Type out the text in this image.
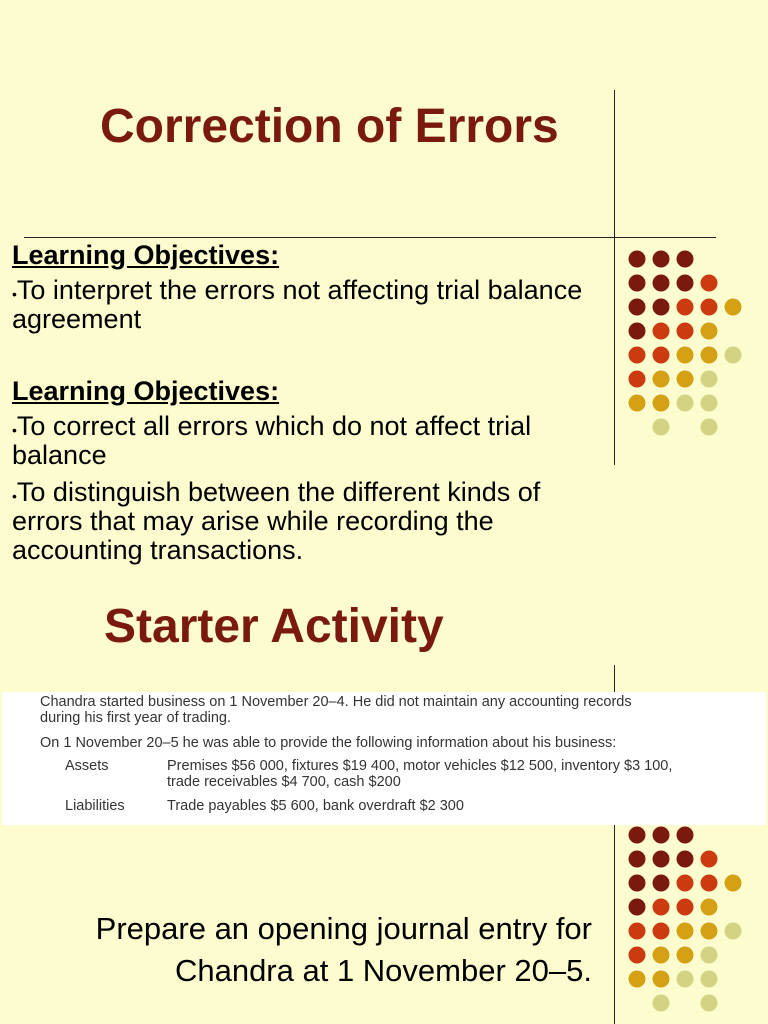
Correction of Errors
Learning Objectives:
•To interpret the errors not affecting trial balance agreement
Learning Objectives:
•To correct all errors which do not affect trial balance
•To distinguish between the different kinds of errors that may arise while recording the accounting transactions.
Starter Activity
Chandra started business on 1 November 20–4. He did not maintain any accounting records
during his first year of trading.
On 1 November 20–5 he was able to provide the following information about his business:
Assets	Premises $56 000, fixtures $19 400, motor vehicles $12 500, inventory $3 100,
trade receivables $4 700, cash $200
Liabilities	Trade payables $5 600, bank overdraft $2 300
Prepare an opening journal entry for
Chandra at 1 November 20–5.
